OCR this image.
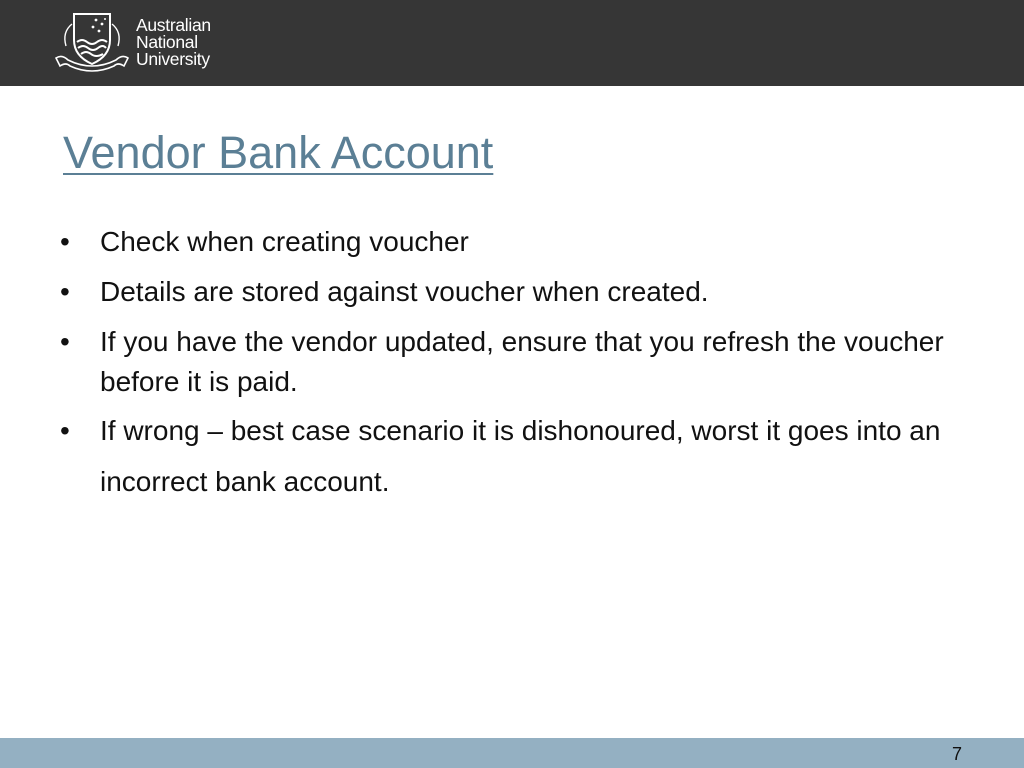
Australian
National
University
Vendor Bank Account
•	Check when creating voucher
•	Details are stored against voucher when created.
•	If you have the vendor updated, ensure that you refresh the voucher before it is paid.
•	If wrong – best case scenario it is dishonoured, worst it goes into an incorrect bank account.
7
